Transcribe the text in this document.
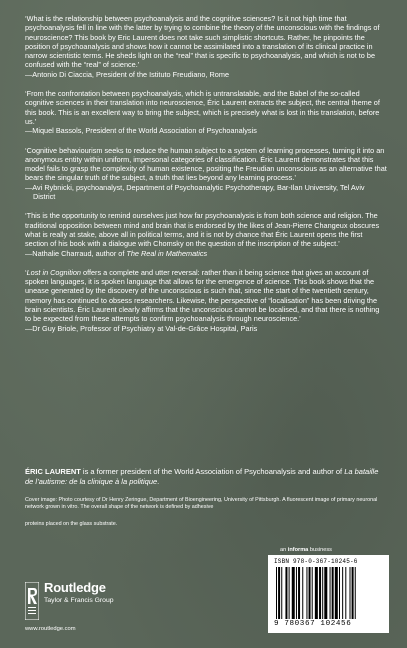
‘What is the relationship between psychoanalysis and the cognitive sciences? Is it not high time that psychoanalysis fell in line with the latter by trying to combine the theory of the unconscious with the findings of neuroscience? This book by Eric Laurent does not take such simplistic shortcuts. Rather, he pinpoints the position of psychoanalysis and shows how it cannot be assimilated into a translation of its clinical practice in narrow scientistic terms. He sheds light on the “real” that is specific to psychoanalysis, and which is not to be confused with the “real” of science.’

—Antonio Di Ciaccia, President of the Istituto Freudiano, Rome

‘From the confrontation between psychoanalysis, which is untranslatable, and the Babel of the so-called cognitive sciences in their translation into neuroscience, Éric Laurent extracts the subject, the central theme of this book. This is an excellent way to bring the subject, which is precisely what is lost in this translation, before us.’

—Miquel Bassols, President of the World Association of Psychoanalysis

‘Cognitive behaviourism seeks to reduce the human subject to a system of learning processes, turning it into an anonymous entity within uniform, impersonal categories of classification. Éric Laurent demonstrates that this model fails to grasp the complexity of human existence, positing the Freudian unconscious as an alternative that bears the singular truth of the subject, a truth that lies beyond any learning process.’

—Avi Rybnicki, psychoanalyst, Department of Psychoanalytic Psychotherapy, Bar-Ilan University, Tel Aviv District

‘This is the opportunity to remind ourselves just how far psychoanalysis is from both science and religion. The traditional opposition between mind and brain that is endorsed by the likes of Jean-Pierre Changeux obscures what is really at stake, above all in political terms, and it is not by chance that Éric Laurent opens the first section of his book with a dialogue with Chomsky on the question of the inscription of the subject.’

—Nathalie Charraud, author of The Real in Mathematics

‘Lost in Cognition offers a complete and utter reversal: rather than it being science that gives an account of spoken languages, it is spoken language that allows for the emergence of science. This book shows that the unease generated by the discovery of the unconscious is such that, since the start of the twentieth century, memory has continued to obsess researchers. Likewise, the perspective of “localisation” has been driving the brain scientists. Éric Laurent clearly affirms that the unconscious cannot be localised, and that there is nothing to be expected from these attempts to confirm psychoanalysis through neuroscience.’

—Dr Guy Briole, Professor of Psychiatry at Val-de-Grâce Hospital, Paris

ÉRIC LAURENT is a former president of the World Association of Psychoanalysis and author of La bataille de l’autisme: de la clinique à la politique.

Cover image: Photo courtesy of Dr Henry Zeringue, Department of Bioengineering, University of Pittsburgh. A fluorescent image of primary neuronal network grown in vitro. The overall shape of the network is defined by adhesive

proteins placed on the glass substrate.

an informa business
ISBN 978-0-367-10245-6
9 780367 102456
Routledge
Taylor & Francis Group
www.routledge.com
